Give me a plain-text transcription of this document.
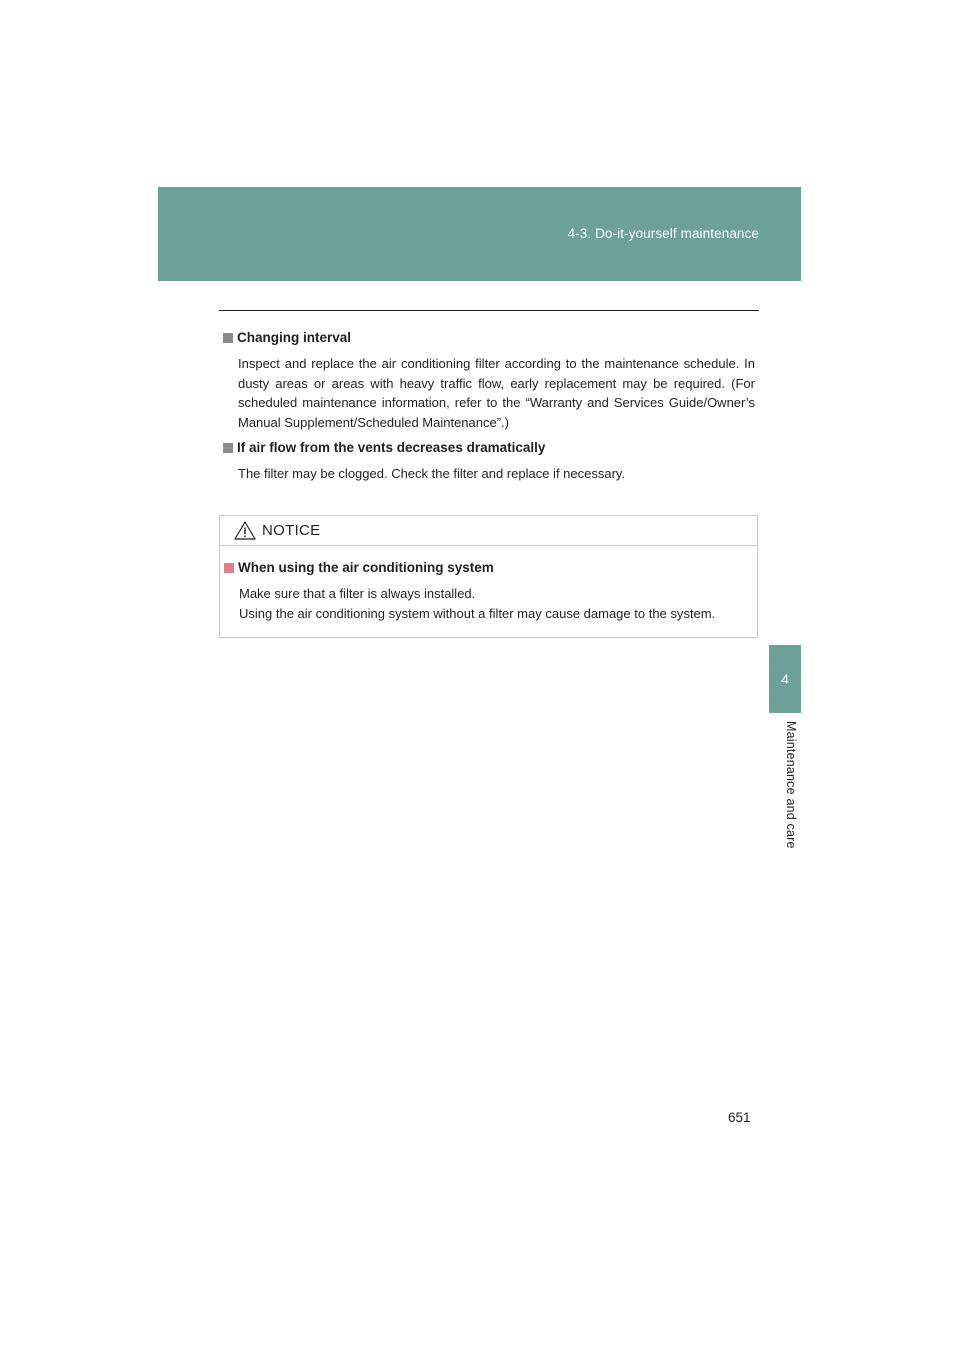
4-3. Do-it-yourself maintenance
4
Maintenance and care
Changing interval
Inspect and replace the air conditioning filter according to the maintenance schedule. In dusty areas or areas with heavy traffic flow, early replacement may be required. (For scheduled maintenance information, refer to the “Warranty and Services Guide/Owner’s Manual Supplement/Scheduled Maintenance”.)
If air flow from the vents decreases dramatically
The filter may be clogged. Check the filter and replace if necessary.
NOTICE
When using the air conditioning system
Make sure that a filter is always installed.
Using the air conditioning system without a filter may cause damage to the system.
651
